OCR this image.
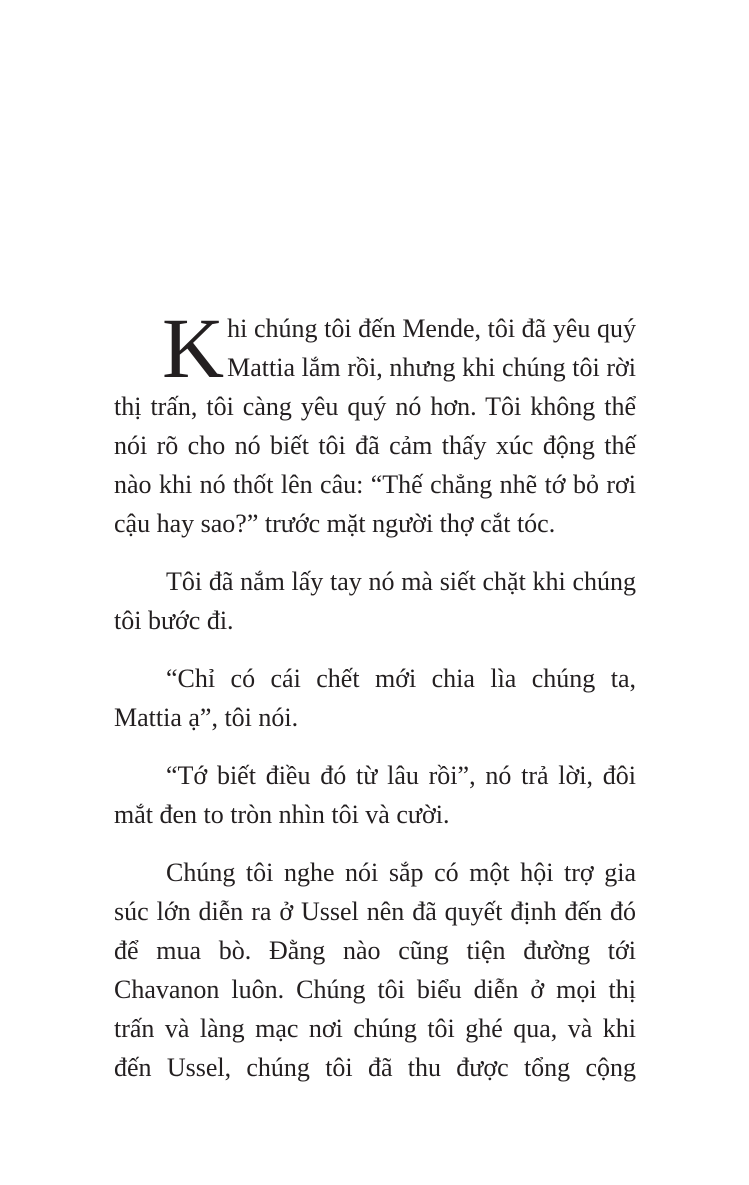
Khi chúng tôi đến Mende, tôi đã yêu quý Mattia lắm rồi, nhưng khi chúng tôi rời thị trấn, tôi càng yêu quý nó hơn. Tôi không thể nói rõ cho nó biết tôi đã cảm thấy xúc động thế nào khi nó thốt lên câu: “Thế chẳng nhẽ tớ bỏ rơi cậu hay sao?” trước mặt người thợ cắt tóc.

Tôi đã nắm lấy tay nó mà siết chặt khi chúng tôi bước đi.

“Chỉ có cái chết mới chia lìa chúng ta, Mattia ạ”, tôi nói.

“Tớ biết điều đó từ lâu rồi”, nó trả lời, đôi mắt đen to tròn nhìn tôi và cười.

Chúng tôi nghe nói sắp có một hội trợ gia súc lớn diễn ra ở Ussel nên đã quyết định đến đó để mua bò. Đằng nào cũng tiện đường tới Chavanon luôn. Chúng tôi biểu diễn ở mọi thị trấn và làng mạc nơi chúng tôi ghé qua, và khi đến Ussel, chúng tôi đã thu được tổng cộng
